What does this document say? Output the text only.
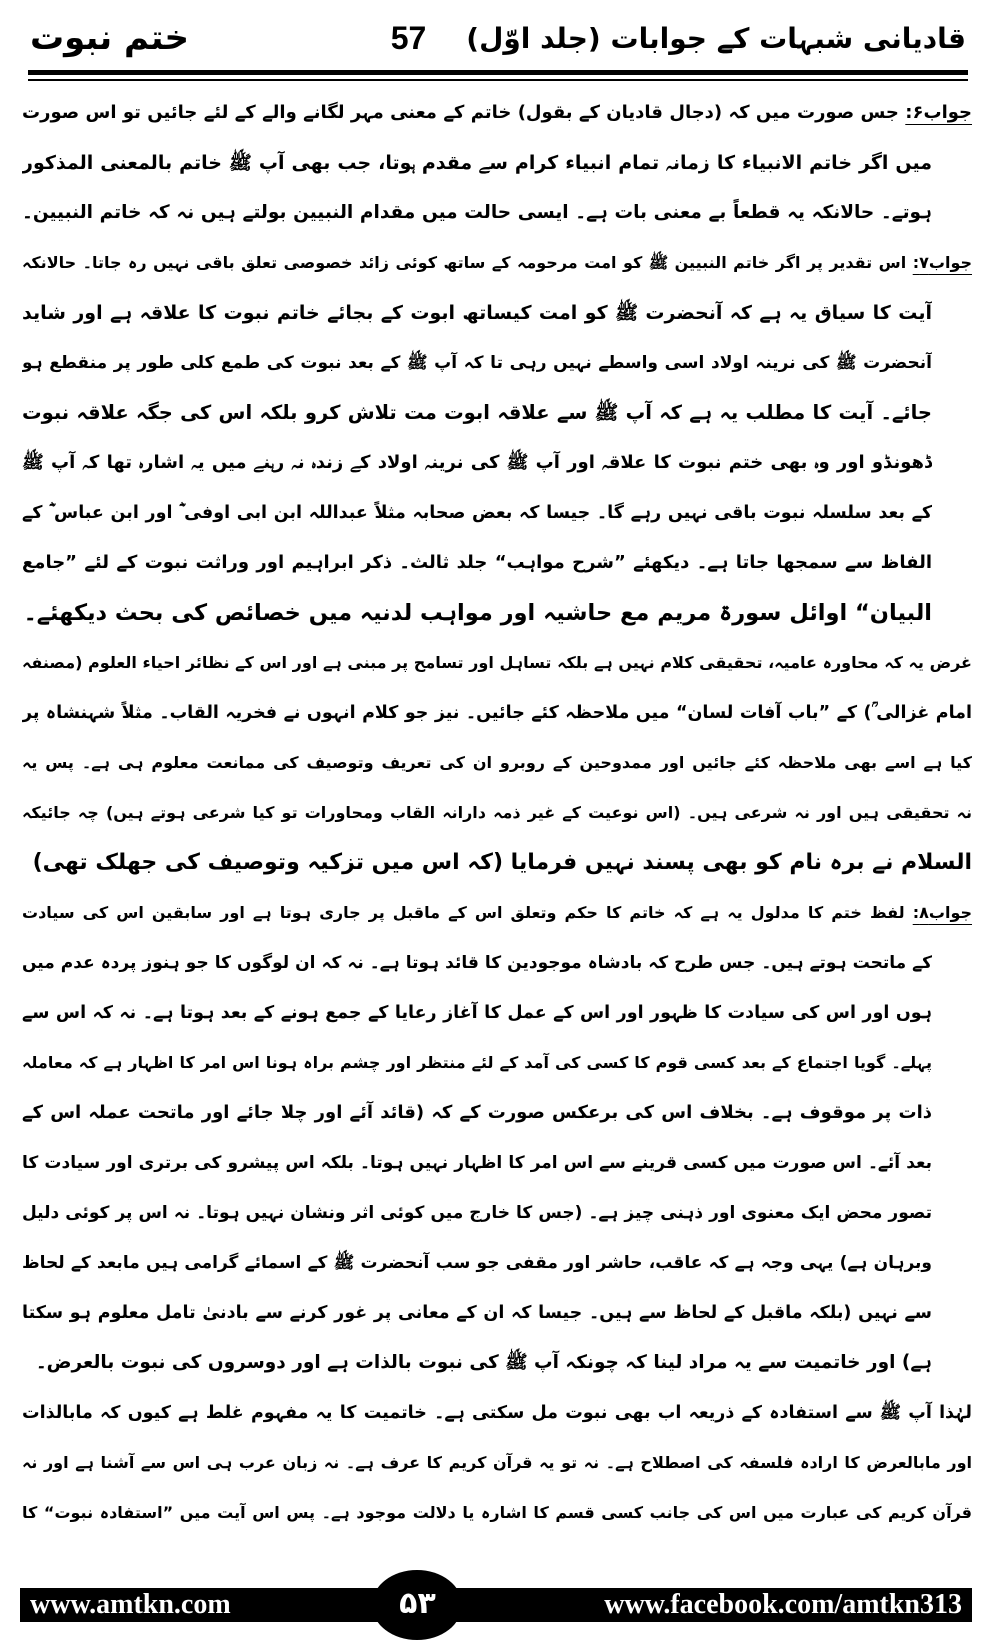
ختم نبوت	57 قادیانی شبہات کے جوابات (جلد اوّل)
جواب۶: جس صورت میں کہ (دجال قادیان کے بقول) خاتم کے معنی مہر لگانے والے کے لئے جائیں تو اس صورت
میں اگر خاتم الانبیاء کا زمانہ تمام انبیاء کرام سے مقدم ہوتا، جب بھی آپ ﷺ خاتم بالمعنی المذکور
ہوتے۔ حالانکہ یہ قطعاً بے معنی بات ہے۔ ایسی حالت میں مقدام النبیین بولتے ہیں نہ کہ خاتم النبیین۔
جواب۷: اس تقدیر پر اگر خاتم النبیین ﷺ کو امت مرحومہ کے ساتھ کوئی زائد خصوصی تعلق باقی نہیں رہ جاتا۔ حالانکہ
آیت کا سیاق یہ ہے کہ آنحضرت ﷺ کو امت کیساتھ ابوت کے بجائے خاتم نبوت کا علاقہ ہے اور شاید
آنحضرت ﷺ کی نرینہ اولاد اسی واسطے نہیں رہی تا کہ آپ ﷺ کے بعد نبوت کی طمع کلی طور پر منقطع ہو
جائے۔ آیت کا مطلب یہ ہے کہ آپ ﷺ سے علاقہ ابوت مت تلاش کرو بلکہ اس کی جگہ علاقہ نبوت
ڈھونڈو اور وہ بھی ختم نبوت کا علاقہ اور آپ ﷺ کی نرینہ اولاد کے زندہ نہ رہنے میں یہ اشارہ تھا کہ آپ ﷺ
کے بعد سلسلہ نبوت باقی نہیں رہے گا۔ جیسا کہ بعض صحابہ مثلاً عبداللہ ابن ابی اوفی ؓ اور ابن عباس ؓ کے
الفاظ سے سمجھا جاتا ہے۔ دیکھئے ”شرح مواہب“ جلد ثالث۔ ذکر ابراہیم اور وراثت نبوت کے لئے ”جامع
البیان“ اوائل سورۃ مریم مع حاشیہ اور مواہب لدنیہ میں خصائص کی بحث دیکھئے۔
غرض یہ کہ محاورہ عامیہ، تحقیقی کلام نہیں ہے بلکہ تساہل اور تسامح پر مبنی ہے اور اس کے نظائر احیاء العلوم (مصنفہ
امام غزالی ؒ) کے ”باب آفات لسان“ میں ملاحظہ کئے جائیں۔ نیز جو کلام انہوں نے فخریہ القاب۔ مثلاً شہنشاہ پر
کیا ہے اسے بھی ملاحظہ کئے جائیں اور ممدوحین کے روبرو ان کی تعریف وتوصیف کی ممانعت معلوم ہی ہے۔ پس یہ
نہ تحقیقی ہیں اور نہ شرعی ہیں۔ (اس نوعیت کے غیر ذمہ دارانہ القاب ومحاورات تو کیا شرعی ہوتے ہیں) چہ جائیکہ
السلام نے برہ نام کو بھی پسند نہیں فرمایا (کہ اس میں تزکیہ وتوصیف کی جھلک تھی)
جواب۸: لفظ ختم کا مدلول یہ ہے کہ خاتم کا حکم وتعلق اس کے ماقبل پر جاری ہوتا ہے اور سابقین اس کی سیادت
کے ماتحت ہوتے ہیں۔ جس طرح کہ بادشاہ موجودین کا قائد ہوتا ہے۔ نہ کہ ان لوگوں کا جو ہنوز پردہ عدم میں
ہوں اور اس کی سیادت کا ظہور اور اس کے عمل کا آغاز رعایا کے جمع ہونے کے بعد ہوتا ہے۔ نہ کہ اس سے
پہلے۔ گویا اجتماع کے بعد کسی قوم کا کسی کی آمد کے لئے منتظر اور چشم براہ ہونا اس امر کا اظہار ہے کہ معاملہ
ذات پر موقوف ہے۔ بخلاف اس کی برعکس صورت کے کہ (قائد آئے اور چلا جائے اور ماتحت عملہ اس کے
بعد آئے۔ اس صورت میں کسی قرینے سے اس امر کا اظہار نہیں ہوتا۔ بلکہ اس پیشرو کی برتری اور سیادت کا
تصور محض ایک معنوی اور ذہنی چیز ہے۔ (جس کا خارج میں کوئی اثر ونشان نہیں ہوتا۔ نہ اس پر کوئی دلیل
وبرہان ہے) یہی وجہ ہے کہ عاقب، حاشر اور مقفی جو سب آنحضرت ﷺ کے اسمائے گرامی ہیں مابعد کے لحاظ
سے نہیں (بلکہ ماقبل کے لحاظ سے ہیں۔ جیسا کہ ان کے معانی پر غور کرنے سے بادنیٰ تامل معلوم ہو سکتا
ہے) اور خاتمیت سے یہ مراد لینا کہ چونکہ آپ ﷺ کی نبوت بالذات ہے اور دوسروں کی نبوت بالعرض۔
لہٰذا آپ ﷺ سے استفادہ کے ذریعہ اب بھی نبوت مل سکتی ہے۔ خاتمیت کا یہ مفہوم غلط ہے کیوں کہ مابالذات
اور مابالعرض کا ارادہ فلسفہ کی اصطلاح ہے۔ نہ تو یہ قرآن کریم کا عرف ہے۔ نہ زبان عرب ہی اس سے آشنا ہے اور نہ
قرآن کریم کی عبارت میں اس کی جانب کسی قسم کا اشارہ یا دلالت موجود ہے۔ پس اس آیت میں ”استفادہ نبوت“ کا
www.amtkn.com	۵۳	www.facebook.com/amtkn313
